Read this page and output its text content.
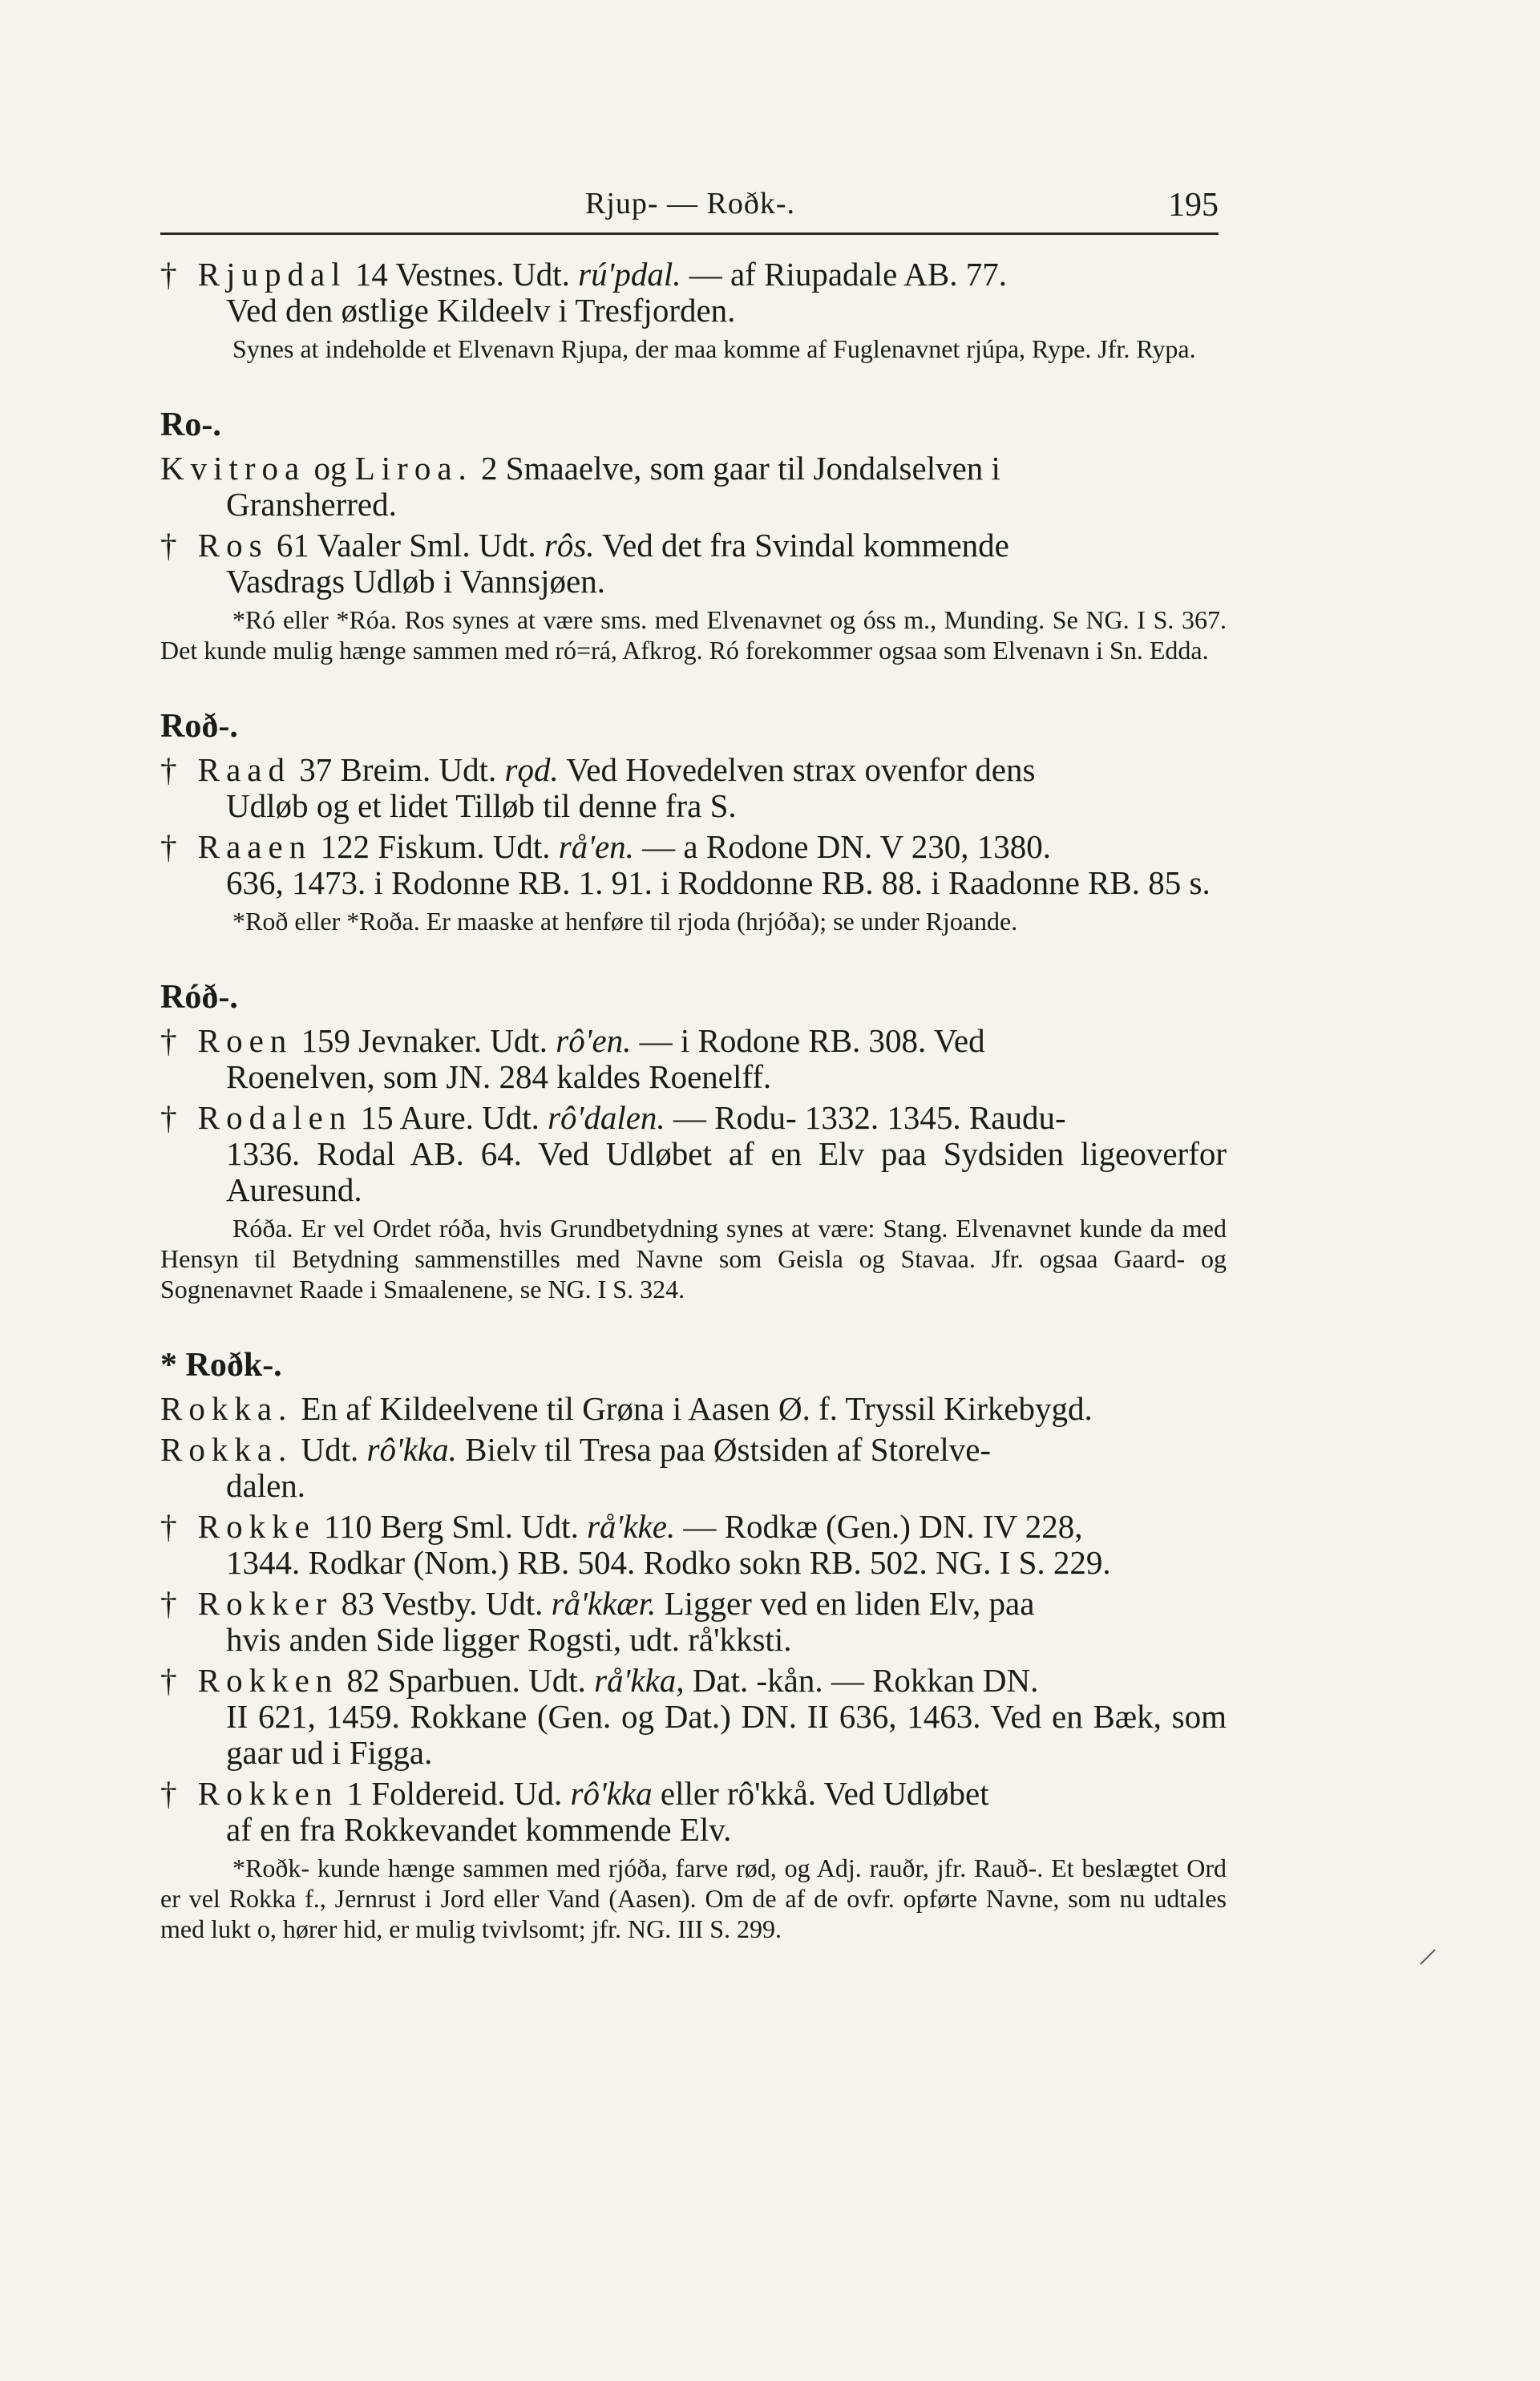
Rjup- — Roðk-.	195
† Rjupdal 14 Vestnes. Udt. rú'pdal. — af Riupadale AB. 77.
Ved den østlige Kildeelv i Tresfjorden.
Synes at indeholde et Elvenavn Rjupa, der maa komme af Fuglenavnet rjúpa, Rype. Jfr. Rypa.
Ro-.
Kvitroa og Liroa. 2 Smaaelve, som gaar til Jondalselven i
Gransherred.
† Ros 61 Vaaler Sml. Udt. rôs. Ved det fra Svindal kommende
Vasdrags Udløb i Vannsjøen.
*Ró eller *Róa. Ros synes at være sms. med Elvenavnet og óss m., Munding. Se NG. I S. 367. Det kunde mulig hænge sammen med ró=rá, Afkrog. Ró forekommer ogsaa som Elvenavn i Sn. Edda.
Roð-.
† Raad 37 Breim. Udt. rǫd. Ved Hovedelven strax ovenfor dens
Udløb og et lidet Tilløb til denne fra S.
† Raaen 122 Fiskum. Udt. rå'en. — a Rodone DN. V 230, 1380.
636, 1473. i Rodonne RB. 1. 91. i Roddonne RB. 88. i Raadonne RB. 85 s.
*Roð eller *Roða. Er maaske at henføre til rjoda (hrjóða); se under Rjoande.
Róð-.
† Roen 159 Jevnaker. Udt. rô'en. — i Rodone RB. 308. Ved
Roenelven, som JN. 284 kaldes Roenelff.
† Rodalen 15 Aure. Udt. rô'dalen. — Rodu- 1332. 1345. Raudu-
1336. Rodal AB. 64. Ved Udløbet af en Elv paa Sydsiden ligeoverfor Auresund.
Róða. Er vel Ordet róða, hvis Grundbetydning synes at være: Stang. Elvenavnet kunde da med Hensyn til Betydning sammenstilles med Navne som Geisla og Stavaa. Jfr. ogsaa Gaard- og Sognenavnet Raade i Smaalenene, se NG. I S. 324.
* Roðk-.
Rokka. En af Kildeelvene til Grøna i Aasen Ø. f. Tryssil Kirkebygd.
Rokka. Udt. rô'kka. Bielv til Tresa paa Østsiden af Storelve-
dalen.
† Rokke 110 Berg Sml. Udt. rå'kke. — Rodkæ (Gen.) DN. IV 228,
1344. Rodkar (Nom.) RB. 504. Rodko sokn RB. 502. NG. I S. 229.
† Rokker 83 Vestby. Udt. rå'kkær. Ligger ved en liden Elv, paa
hvis anden Side ligger Rogsti, udt. rå'kksti.
† Rokken 82 Sparbuen. Udt. rå'kka, Dat. -kån. — Rokkan DN.
II 621, 1459. Rokkane (Gen. og Dat.) DN. II 636, 1463. Ved en Bæk, som gaar ud i Figga.
† Rokken 1 Foldereid. Ud. rô'kka eller rô'kkå. Ved Udløbet
af en fra Rokkevandet kommende Elv.
*Roðk- kunde hænge sammen med rjóða, farve rød, og Adj. rauðr, jfr. Rauð-. Et beslægtet Ord er vel Rokka f., Jernrust i Jord eller Vand (Aasen). Om de af de ovfr. opførte Navne, som nu udtales med lukt o, hører hid, er mulig tvivlsomt; jfr. NG. III S. 299.
